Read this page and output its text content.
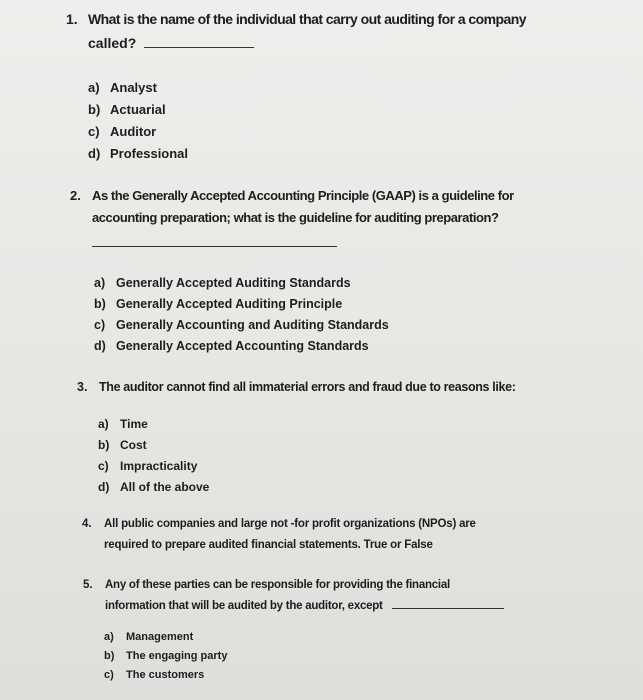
1. What is the name of the individual that carry out auditing for a company
called?
a) Analyst
b) Actuarial
c) Auditor
d) Professional
2. As the Generally Accepted Accounting Principle (GAAP) is a guideline for
accounting preparation; what is the guideline for auditing preparation?
a) Generally Accepted Auditing Standards
b) Generally Accepted Auditing Principle
c) Generally Accounting and Auditing Standards
d) Generally Accepted Accounting Standards
3. The auditor cannot find all immaterial errors and fraud due to reasons like:
a) Time
b) Cost
c) Impracticality
d) All of the above
4. All public companies and large not -for profit organizations (NPOs) are
required to prepare audited financial statements. True or False
5. Any of these parties can be responsible for providing the financial
information that will be audited by the auditor, except
a) Management
b) The engaging party
c) The customers
